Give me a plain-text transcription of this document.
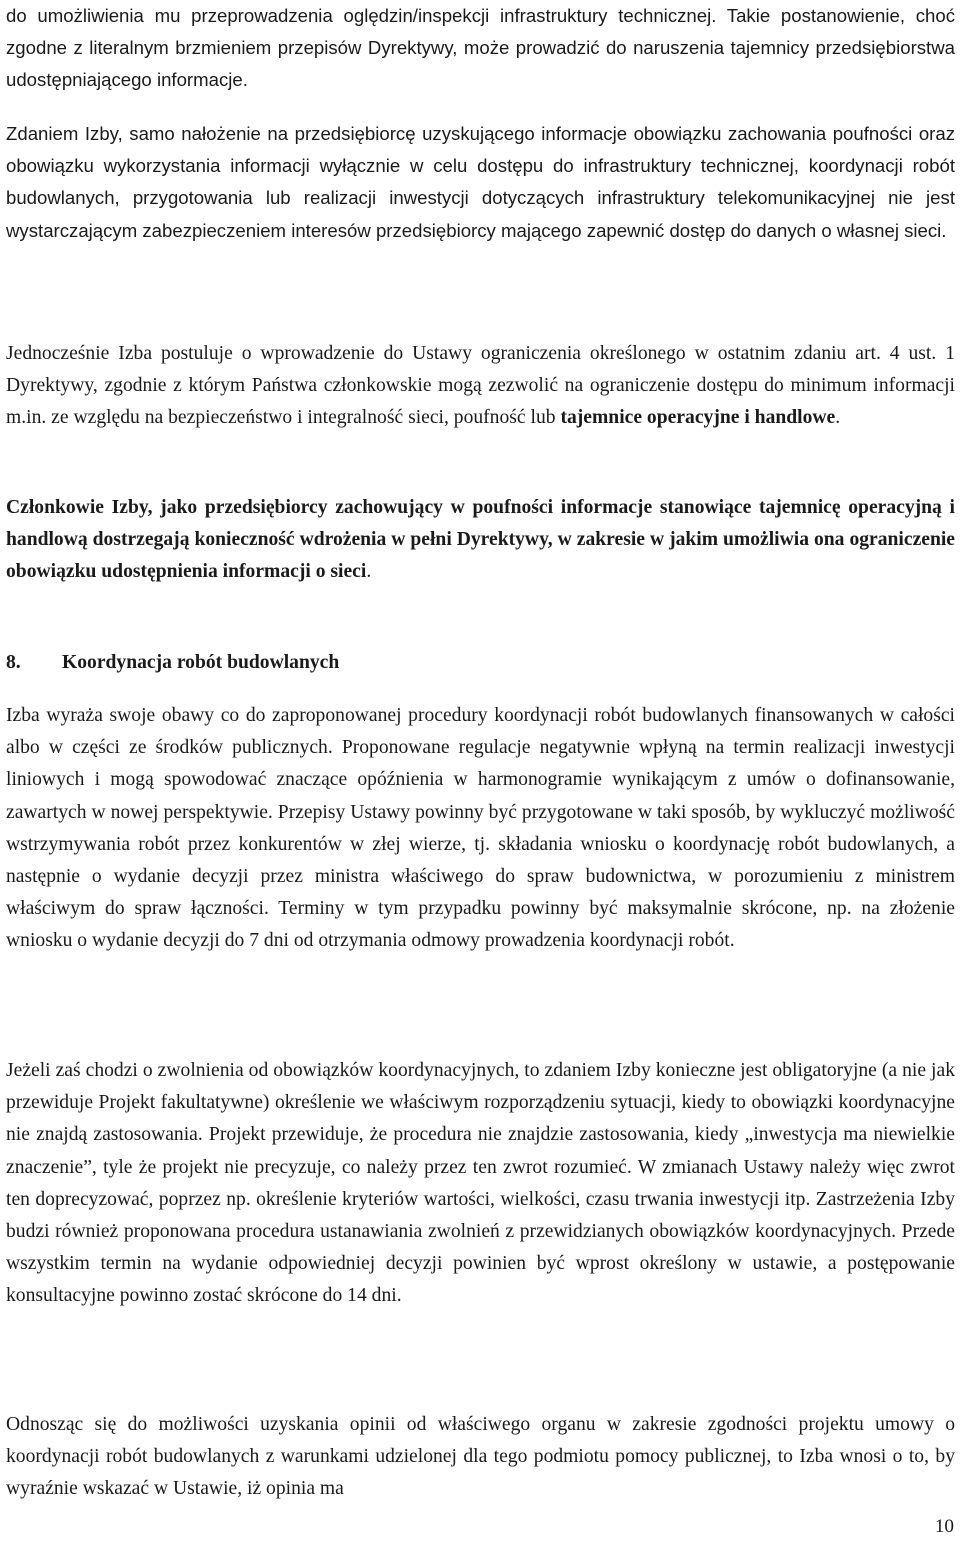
do umożliwienia mu przeprowadzenia oględzin/inspekcji infrastruktury technicznej. Takie postanowienie, choć zgodne z literalnym brzmieniem przepisów Dyrektywy, może prowadzić do naruszenia tajemnicy przedsiębiorstwa udostępniającego informacje.

Zdaniem Izby, samo nałożenie na przedsiębiorcę uzyskującego informacje obowiązku zachowania poufności oraz obowiązku wykorzystania informacji wyłącznie w celu dostępu do infrastruktury technicznej, koordynacji robót budowlanych, przygotowania lub realizacji inwestycji dotyczących infrastruktury telekomunikacyjnej nie jest wystarczającym zabezpieczeniem interesów przedsiębiorcy mającego zapewnić dostęp do danych o własnej sieci.

Jednocześnie Izba postuluje o wprowadzenie do Ustawy ograniczenia określonego w ostatnim zdaniu art. 4 ust. 1 Dyrektywy, zgodnie z którym Państwa członkowskie mogą zezwolić na ograniczenie dostępu do minimum informacji m.in. ze względu na bezpieczeństwo i integralność sieci, poufność lub tajemnice operacyjne i handlowe.

Członkowie Izby, jako przedsiębiorcy zachowujący w poufności informacje stanowiące tajemnicę operacyjną i handlową dostrzegają konieczność wdrożenia w pełni Dyrektywy, w zakresie w jakim umożliwia ona ograniczenie obowiązku udostępnienia informacji o sieci.

8. Koordynacja robót budowlanych

Izba wyraża swoje obawy co do zaproponowanej procedury koordynacji robót budowlanych finansowanych w całości albo w części ze środków publicznych. Proponowane regulacje negatywnie wpłyną na termin realizacji inwestycji liniowych i mogą spowodować znaczące opóźnienia w harmonogramie wynikającym z umów o dofinansowanie, zawartych w nowej perspektywie. Przepisy Ustawy powinny być przygotowane w taki sposób, by wykluczyć możliwość wstrzymywania robót przez konkurentów w złej wierze, tj. składania wniosku o koordynację robót budowlanych, a następnie o wydanie decyzji przez ministra właściwego do spraw budownictwa, w porozumieniu z ministrem właściwym do spraw łączności. Terminy w tym przypadku powinny być maksymalnie skrócone, np. na złożenie wniosku o wydanie decyzji do 7 dni od otrzymania odmowy prowadzenia koordynacji robót.

Jeżeli zaś chodzi o zwolnienia od obowiązków koordynacyjnych, to zdaniem Izby konieczne jest obligatoryjne (a nie jak przewiduje Projekt fakultatywne) określenie we właściwym rozporządzeniu sytuacji, kiedy to obowiązki koordynacyjne nie znajdą zastosowania. Projekt przewiduje, że procedura nie znajdzie zastosowania, kiedy „inwestycja ma niewielkie znaczenie”, tyle że projekt nie precyzuje, co należy przez ten zwrot rozumieć. W zmianach Ustawy należy więc zwrot ten doprecyzować, poprzez np. określenie kryteriów wartości, wielkości, czasu trwania inwestycji itp. Zastrzeżenia Izby budzi również proponowana procedura ustanawiania zwolnień z przewidzianych obowiązków koordynacyjnych. Przede wszystkim termin na wydanie odpowiedniej decyzji powinien być wprost określony w ustawie, a postępowanie konsultacyjne powinno zostać skrócone do 14 dni.

Odnosząc się do możliwości uzyskania opinii od właściwego organu w zakresie zgodności projektu umowy o koordynacji robót budowlanych z warunkami udzielonej dla tego podmiotu pomocy publicznej, to Izba wnosi o to, by wyraźnie wskazać w Ustawie, iż opinia ma

10
